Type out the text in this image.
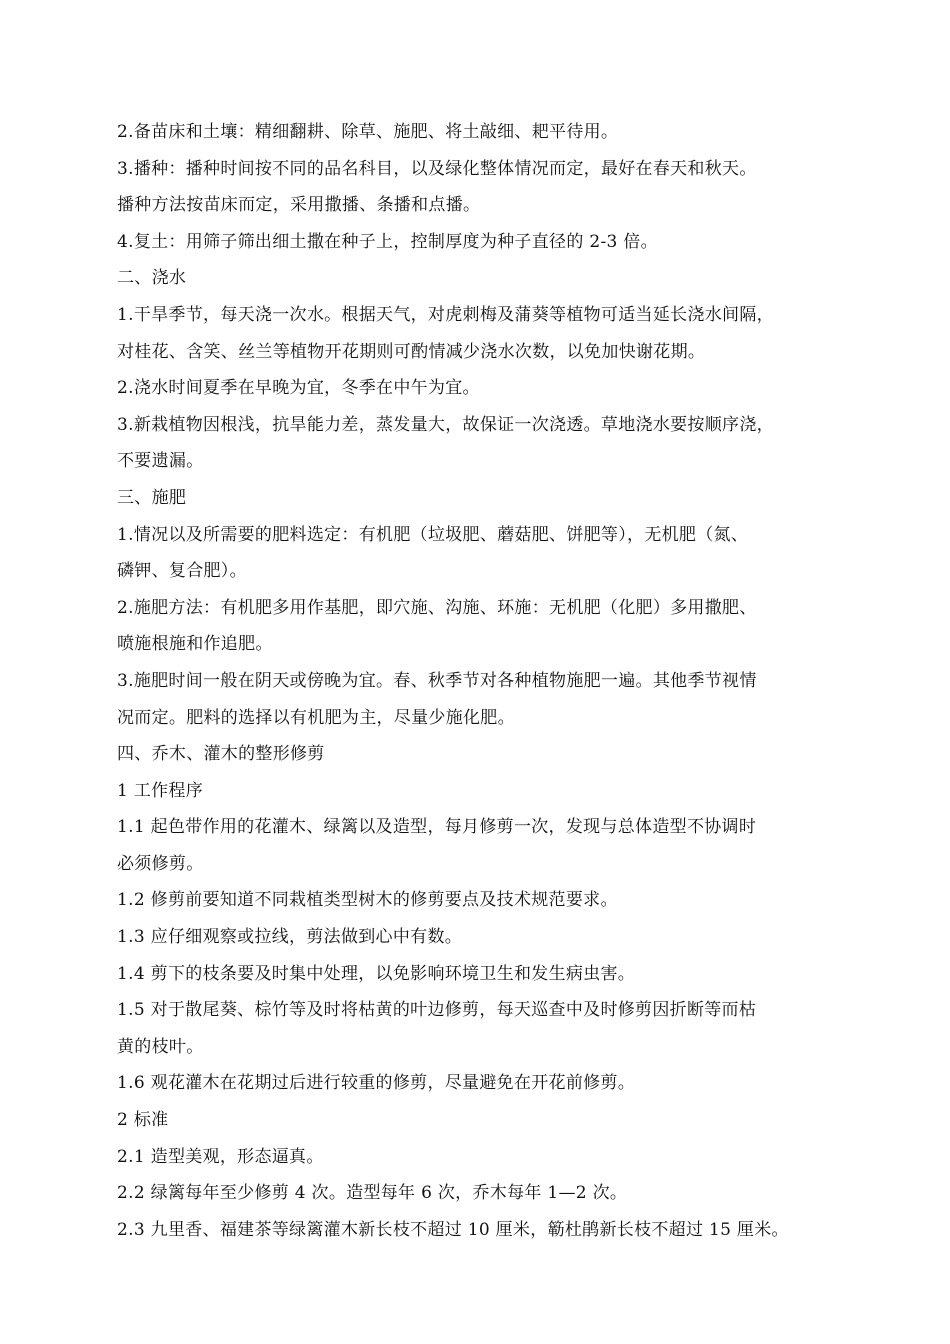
2.备苗床和土壤：精细翻耕、除草、施肥、将土敲细、耙平待用。

3.播种：播种时间按不同的品名科目，以及绿化整体情况而定，最好在春天和秋天。

播种方法按苗床而定，采用撒播、条播和点播。

4.复土：用筛子筛出细土撒在种子上，控制厚度为种子直径的 2-3 倍。

二、浇水

1.干旱季节，每天浇一次水。根据天气，对虎刺梅及蒲葵等植物可适当延长浇水间隔，

对桂花、含笑、丝兰等植物开花期则可酌情减少浇水次数，以免加快谢花期。

2.浇水时间夏季在早晚为宜，冬季在中午为宜。

3.新栽植物因根浅，抗旱能力差，蒸发量大，故保证一次浇透。草地浇水要按顺序浇，

不要遗漏。

三、施肥

1.情况以及所需要的肥料选定：有机肥（垃圾肥、蘑菇肥、饼肥等），无机肥（氮、

磷钾、复合肥）。

2.施肥方法：有机肥多用作基肥，即穴施、沟施、环施：无机肥（化肥）多用撒肥、

喷施根施和作追肥。

3.施肥时间一般在阴天或傍晚为宜。春、秋季节对各种植物施肥一遍。其他季节视情

况而定。肥料的选择以有机肥为主，尽量少施化肥。

四、乔木、灌木的整形修剪

1 工作程序

1.1 起色带作用的花灌木、绿篱以及造型，每月修剪一次，发现与总体造型不协调时

必须修剪。

1.2 修剪前要知道不同栽植类型树木的修剪要点及技术规范要求。

1.3 应仔细观察或拉线，剪法做到心中有数。

1.4 剪下的枝条要及时集中处理，以免影响环境卫生和发生病虫害。

1.5 对于散尾葵、棕竹等及时将枯黄的叶边修剪，每天巡查中及时修剪因折断等而枯

黄的枝叶。

1.6 观花灌木在花期过后进行较重的修剪，尽量避免在开花前修剪。

2 标准

2.1 造型美观，形态逼真。

2.2 绿篱每年至少修剪 4 次。造型每年 6 次，乔木每年 1—2 次。

2.3 九里香、福建茶等绿篱灌木新长枝不超过 10 厘米，簕杜鹃新长枝不超过 15 厘米。
